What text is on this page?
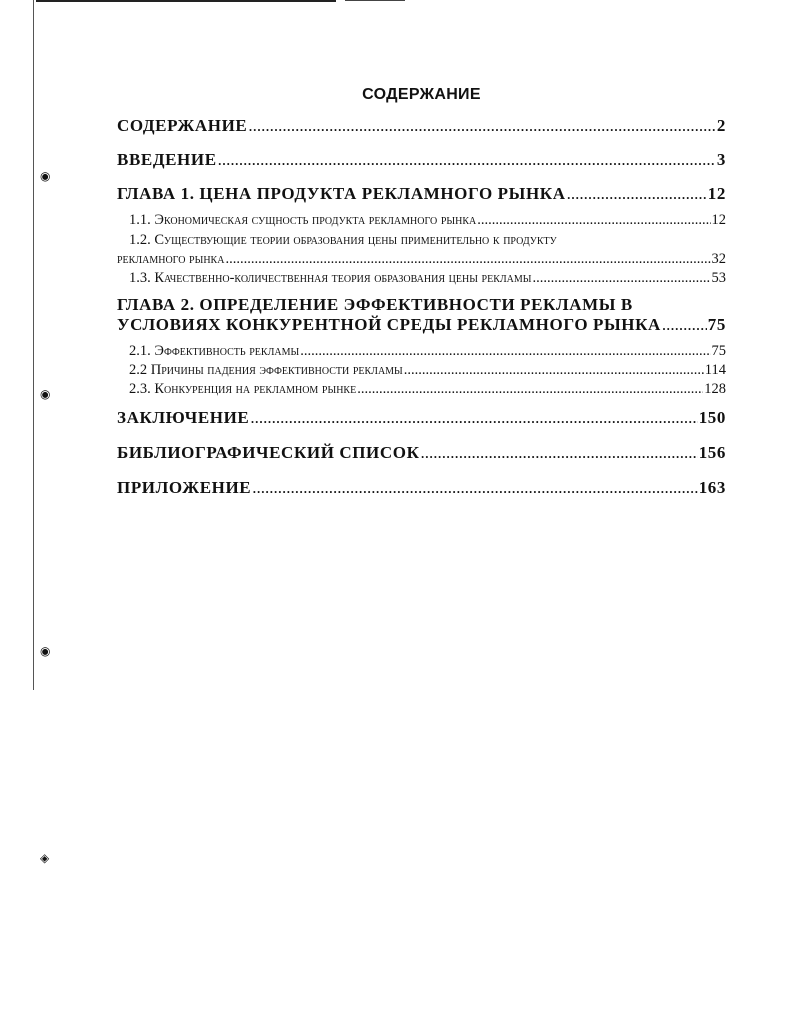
◉
◉
◉
◈
СОДЕРЖАНИЕ
СОДЕРЖАНИЕ .....	2
ВВЕДЕНИЕ .....	3
ГЛАВА 1. ЦЕНА ПРОДУКТА РЕКЛАМНОГО РЫНКА .....	12
1.1. Экономическая сущность продукта рекламного рынка .....	12
1.2. Существующие теории образования цены применительно к продукту
рекламного рынка .....	32
1.3. Качественно-количественная теория образования цены рекламы .....	53
ГЛАВА 2. ОПРЕДЕЛЕНИЕ ЭФФЕКТИВНОСТИ РЕКЛАМЫ В
УСЛОВИЯХ КОНКУРЕНТНОЙ СРЕДЫ РЕКЛАМНОГО РЫНКА .....	75
2.1. Эффективность рекламы .....	75
2.2 Причины падения эффективности рекламы .....	114
2.3. Конкуренция на рекламном рынке .....	128
ЗАКЛЮЧЕНИЕ .....	150
БИБЛИОГРАФИЧЕСКИЙ СПИСОК .....	156
ПРИЛОЖЕНИЕ .....	163
